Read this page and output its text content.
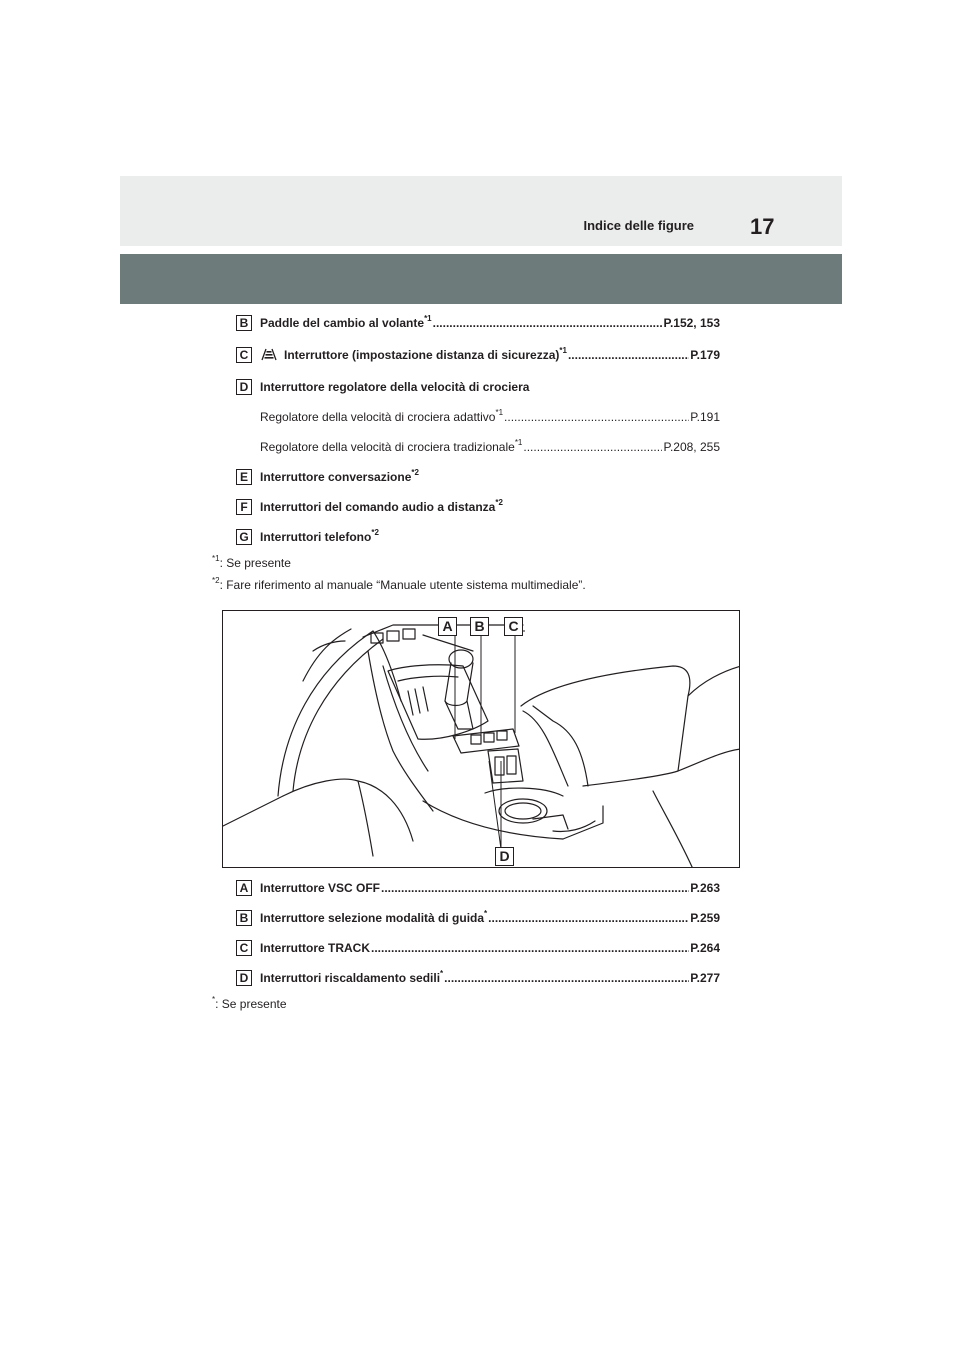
Indice delle figure	17
B Paddle del cambio al volante$^{*1}$ .....	P.152, 153
C	Interruttore (impostazione distanza di sicurezza)$^{*1}$ .....	P.179
D Interruttore regolatore della velocità di crociera
Regolatore della velocità di crociera adattivo$^{*1}$ .....	P.191
Regolatore della velocità di crociera tradizionale$^{*1}$ .....	P.208, 255
E	Interruttore conversazione$^{*2}$
F	Interruttori del comando audio a distanza$^{*2}$
G Interruttori telefono$^{*2}$
$^{*1}$: Se presente
$^{*2}$: Fare riferimento al manuale “Manuale utente sistema multimediale”.
A	B	C
D
A Interruttore VSC OFF .....	P.263
B Interruttore selezione modalità di guida* .....	P.259
C Interruttore TRACK .....	P.264
D Interruttori riscaldamento sedili* .....	P.277
*: Se presente
